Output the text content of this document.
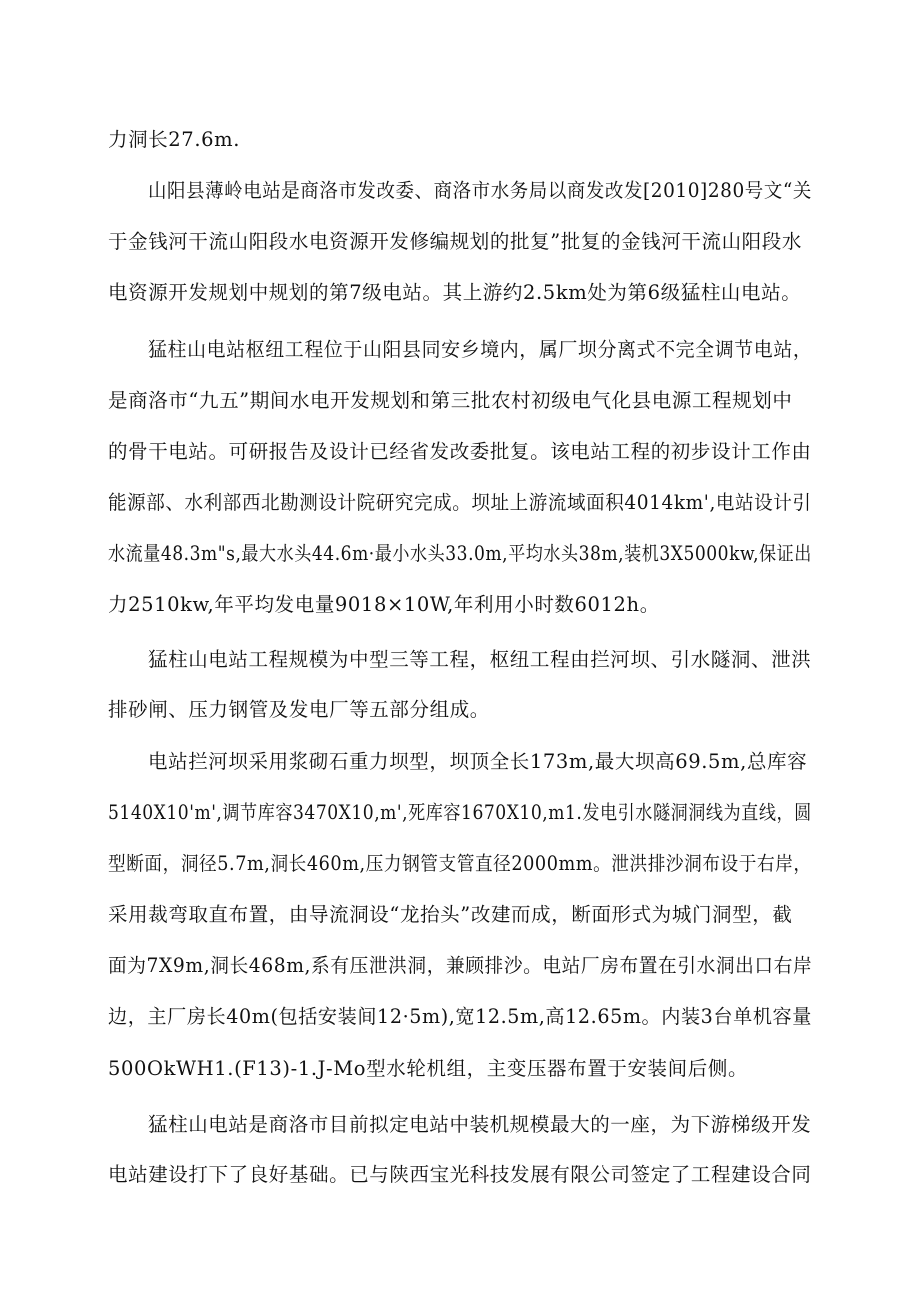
力洞长27.6m.
山阳县薄岭电站是商洛市发改委、商洛市水务局以商发改发[2010]280号文“关
于金钱河干流山阳段水电资源开发修编规划的批复”批复的金钱河干流山阳段水
电资源开发规划中规划的第7级电站。其上游约2.5km处为第6级猛柱山电站。
猛柱山电站枢纽工程位于山阳县同安乡境内，属厂坝分离式不完全调节电站，
是商洛市“九五”期间水电开发规划和第三批农村初级电气化县电源工程规划中
的骨干电站。可研报告及设计已经省发改委批复。该电站工程的初步设计工作由
能源部、水利部西北勘测设计院研究完成。坝址上游流域面积4014km',电站设计引
水流量48.3m"s,最大水头44.6m·最小水头33.0m,平均水头38m,装机3X5000kw,保证出
力2510kw,年平均发电量9018×10W,年利用小时数6012h。
猛柱山电站工程规模为中型三等工程，枢纽工程由拦河坝、引水隧洞、泄洪
排砂闸、压力钢管及发电厂等五部分组成。
电站拦河坝采用浆砌石重力坝型，坝顶全长173m,最大坝高69.5m,总库容
5140X10'm',调节库容3470X10,m',死库容1670X10,m1.发电引水隧洞洞线为直线，圆
型断面，洞径5.7m,洞长460m,压力钢管支管直径2000mm。泄洪排沙洞布设于右岸，
采用裁弯取直布置，由导流洞设“龙抬头”改建而成，断面形式为城门洞型，截
面为7X9m,洞长468m,系有压泄洪洞，兼顾排沙。电站厂房布置在引水洞出口右岸
边，主厂房长40m(包括安装间12·5m),宽12.5m,高12.65m。内装3台单机容量
500OkWH1.(F13)-1.J-Mo型水轮机组，主变压器布置于安装间后侧。
猛柱山电站是商洛市目前拟定电站中装机规模最大的一座，为下游梯级开发
电站建设打下了良好基础。已与陕西宝光科技发展有限公司签定了工程建设合同
